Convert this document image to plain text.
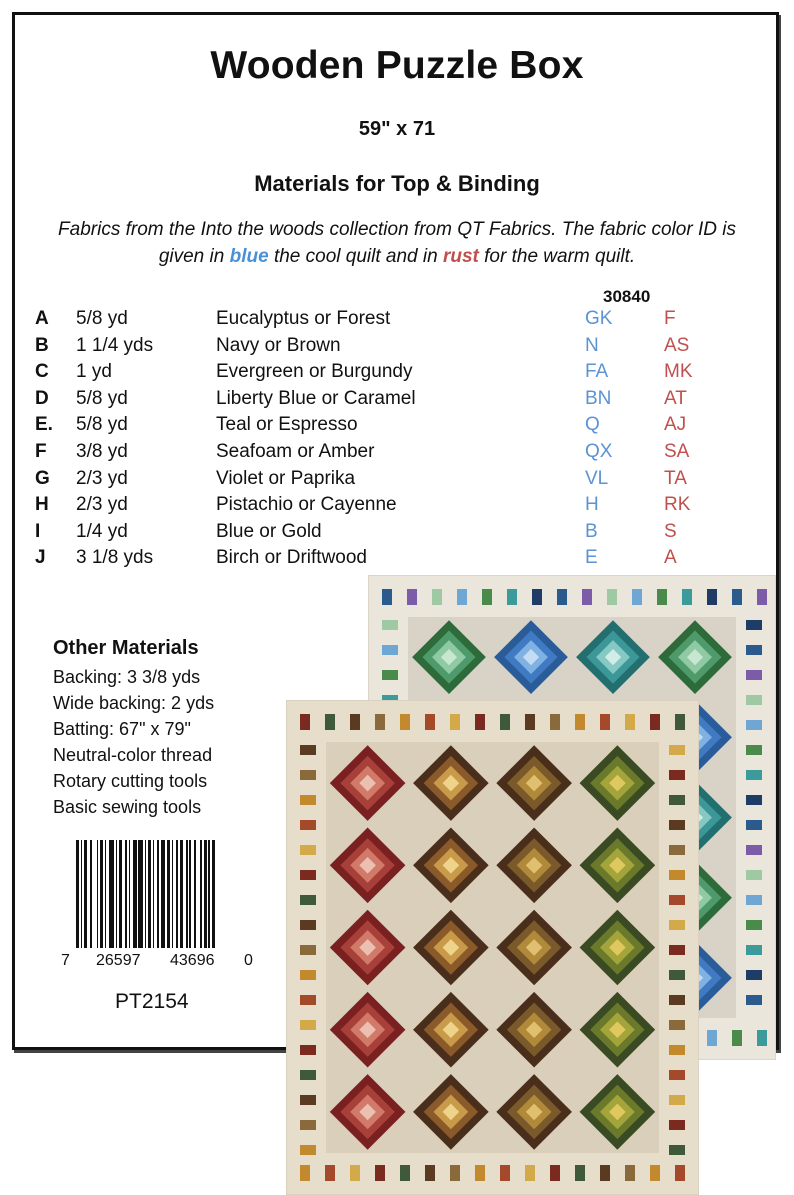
Wooden Puzzle Box
59" x 71
Materials for Top & Binding
Fabrics from the Into the woods collection from QT Fabrics. The fabric color ID is given in blue the cool quilt and in rust for the warm quilt.
30840
A 5/8 yd	Eucalyptus or Forest	GK	F
B 1 1/4 yds	Navy or Brown	N	AS
C 1 yd	Evergreen or Burgundy	FA	MK
D 5/8 yd	Liberty Blue or Caramel	BN	AT
E. 5/8 yd	Teal or Espresso	Q	AJ
F 3/8 yd	Seafoam or Amber	QX	SA
G 2/3 yd	Violet or Paprika	VL	TA
H 2/3 yd	Pistachio or Cayenne	H	RK
I 1/4 yd	Blue or Gold	B	S
J 3 1/8 yds	Birch or Driftwood	E	A
Other Materials
Backing: 3 3/8 yds
Wide backing: 2 yds
Batting: 67" x 79"
Neutral-color thread
Rotary cutting tools
Basic sewing tools
7 26597 43696 0
PT2154
